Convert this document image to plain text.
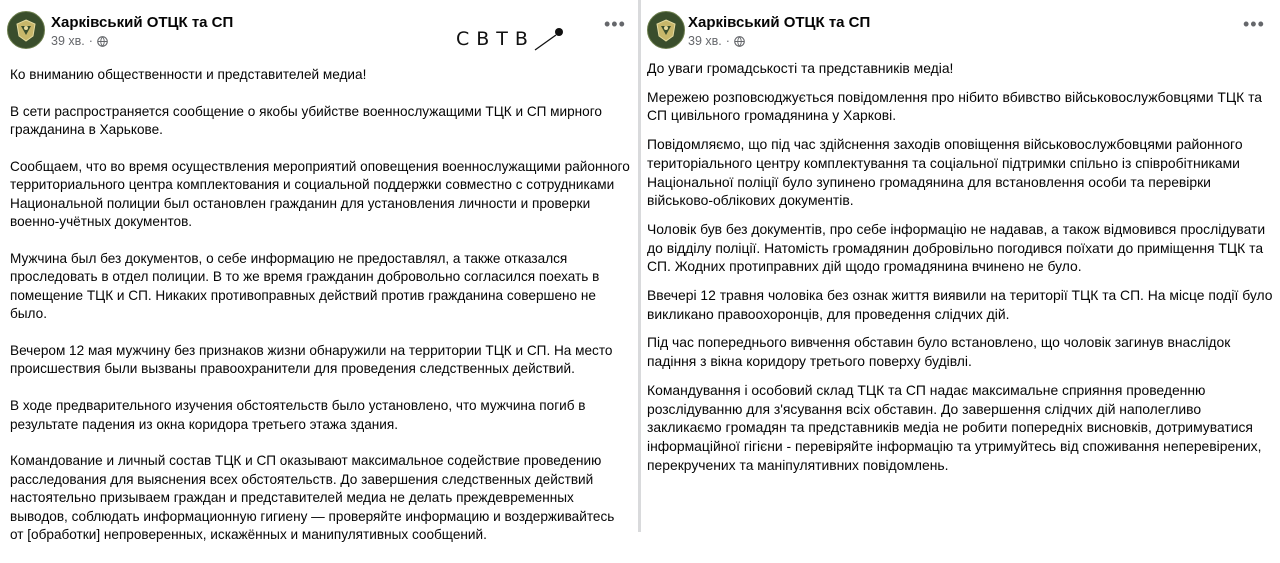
Харківський ОТЦК та СП
39 хв. ·	СВТВ
•••

Ко вниманию общественности и представителей медиа!

В сети распространяется сообщение о якобы убийстве военнослужащими ТЦК и СП мирного гражданина в Харькове.

Сообщаем, что во время осуществления мероприятий оповещения военнослужащими районного территориального центра комплектования и социальной поддержки совместно с сотрудниками Национальной полиции был остановлен гражданин для установления личности и проверки военно-учётных документов.

Мужчина был без документов, о себе информацию не предоставлял, а также отказался проследовать в отдел полиции. В то же время гражданин добровольно согласился поехать в помещение ТЦК и СП. Никаких противоправных действий против гражданина совершено не было.

Вечером 12 мая мужчину без признаков жизни обнаружили на территории ТЦК и СП. На место происшествия были вызваны правоохранители для проведения следственных действий.

В ходе предварительного изучения обстоятельств было установлено, что мужчина погиб в результате падения из окна коридора третьего этажа здания.

Командование и личный состав ТЦК и СП оказывают максимальное содействие проведению расследования для выяснения всех обстоятельств. До завершения следственных действий настоятельно призываем граждан и представителей медиа не делать преждевременных выводов, соблюдать информационную гигиену — проверяйте информацию и воздерживайтесь от [обработки] непроверенных, искажённых и манипулятивных сообщений.

Харківський ОТЦК та СП
39 хв. ·
•••

До уваги громадськості та представників медіа!

Мережею розповсюджується повідомлення про нібито вбивство військовослужбовцями ТЦК та СП цивільного громадянина у Харкові.

Повідомляємо, що під час здійснення заходів оповіщення військовослужбовцями районного територіального центру комплектування та соціальної підтримки спільно із співробітниками Національної поліції було зупинено громадянина для встановлення особи та перевірки військово-облікових документів.

Чоловік був без документів, про себе інформацію не надавав, а також відмовився прослідувати до відділу поліції. Натомість громадянин добровільно погодився поїхати до приміщення ТЦК та СП. Жодних протиправних дій щодо громадянина вчинено не було.

Ввечері 12 травня чоловіка без ознак життя виявили на території ТЦК та СП. На місце події було викликано правоохоронців, для проведення слідчих дій.

Під час попереднього вивчення обставин було встановлено, що чоловік загинув внаслідок падіння з вікна коридору третього поверху будівлі.

Командування і особовий склад ТЦК та СП надає максимальне сприяння проведенню розслідуванню для з'ясування всіх обставин. До завершення слідчих дій наполегливо закликаємо громадян та представників медіа не робити попередніх висновків, дотримуватися інформаційної гігієни - перевіряйте інформацію та утримуйтесь від споживання неперевірених, перекручених та маніпулятивних повідомлень.
